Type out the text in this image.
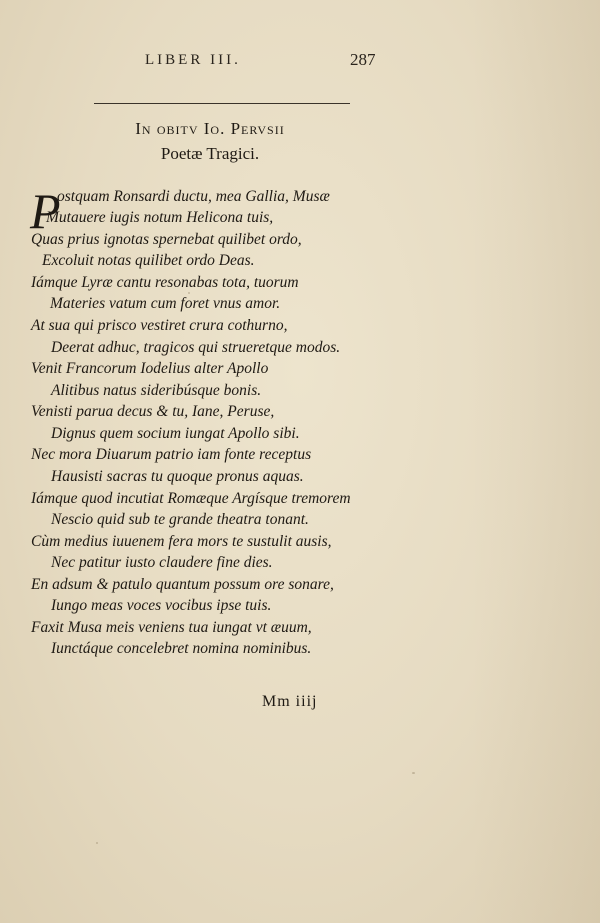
LIBER III.	287
In obitv Io. Pervsii
Poetæ Tragici.
P
ostquam Ronsardi ductu, mea Gallia, Musæ
Mutauere iugis notum Helicona tuis,
Quas prius ignotas spernebat quilibet ordo,
Excoluit notas quilibet ordo Deas.
Iámque Lyræ cantu resonabas tota, tuorum
Materies vatum cum foret vnus amor.
At sua qui prisco vestiret crura cothurno,
Deerat adhuc, tragicos qui strueretque modos.
Venit Francorum Iodelius alter Apollo
Alitibus natus sideribúsque bonis.
Venisti parua decus & tu, Iane, Peruse,
Dignus quem socium iungat Apollo sibi.
Nec mora Diuarum patrio iam fonte receptus
Hausisti sacras tu quoque pronus aquas.
Iámque quod incutiat Romæque Argísque tremorem
Nescio quid sub te grande theatra tonant.
Cùm medius iuuenem fera mors te sustulit ausis,
Nec patitur iusto claudere fine dies.
En adsum & patulo quantum possum ore sonare,
Iungo meas voces vocibus ipse tuis.
Faxit Musa meis veniens tua iungat vt æuum,
Iunctáque concelebret nomina nominibus.
Mm iiij
